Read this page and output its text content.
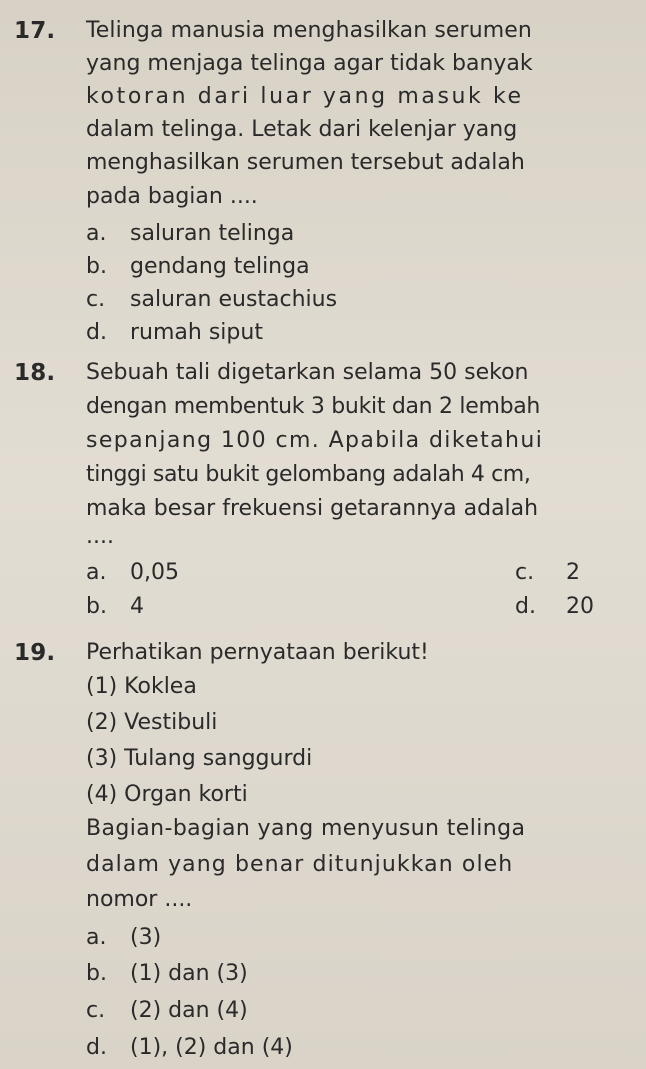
17. Telinga manusia menghasilkan serumen
yang menjaga telinga agar tidak banyak
kotoran dari luar yang masuk ke
dalam telinga. Letak dari kelenjar yang
menghasilkan serumen tersebut adalah
pada bagian ....
a. saluran telinga
b. gendang telinga
c. saluran eustachius
d. rumah siput
18. Sebuah tali digetarkan selama 50 sekon
dengan membentuk 3 bukit dan 2 lembah
sepanjang 100 cm. Apabila diketahui
tinggi satu bukit gelombang adalah 4 cm,
maka besar frekuensi getarannya adalah
....
a. 0,05	c. 2
b. 4	d. 20
19. Perhatikan pernyataan berikut!
(1) Koklea
(2) Vestibuli
(3) Tulang sanggurdi
(4) Organ korti
Bagian-bagian yang menyusun telinga
dalam yang benar ditunjukkan oleh
nomor ....
a. (3)
b. (1) dan (3)
c. (2) dan (4)
d. (1), (2) dan (4)
